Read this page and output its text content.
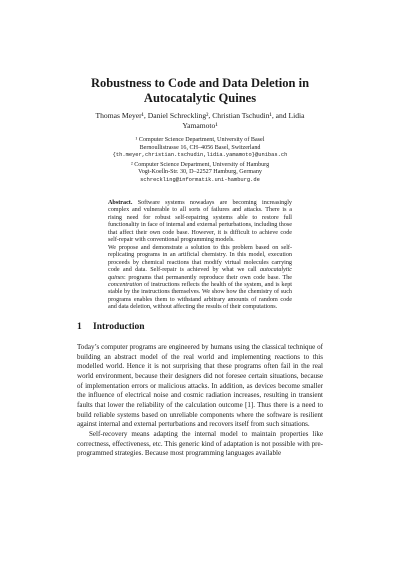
Robustness to Code and Data Deletion in Autocatalytic Quines
Thomas Meyer¹, Daniel Schreckling², Christian Tschudin¹, and Lidia Yamamoto¹
¹ Computer Science Department, University of Basel
Bernoullistrasse 16, CH–4056 Basel, Switzerland
{th.meyer,christian.tschudin,lidia.yamamoto}@unibas.ch
² Computer Science Department, University of Hamburg
Vogt-Koelln-Str. 30, D–22527 Hamburg, Germany
schreckling@informatik.uni-hamburg.de

Abstract. Software systems nowadays are becoming increasingly complex and vulnerable to all sorts of failures and attacks. There is a rising need for robust self-repairing systems able to restore full functionality in face of internal and external perturbations, including those that affect their own code base. However, it is difficult to achieve code self-repair with conventional programming models.

We propose and demonstrate a solution to this problem based on self-replicating programs in an artificial chemistry. In this model, execution proceeds by chemical reactions that modify virtual molecules carrying code and data. Self-repair is achieved by what we call autocatalytic quines: programs that permanently reproduce their own code base. The concentration of instructions reflects the health of the system, and is kept stable by the instructions themselves. We show how the chemistry of such programs enables them to withstand arbitrary amounts of random code and data deletion, without affecting the results of their computations.

1 Introduction

Today’s computer programs are engineered by humans using the classical technique of building an abstract model of the real world and implementing reactions to this modelled world. Hence it is not surprising that these programs often fail in the real world environment, because their designers did not foresee certain situations, because of implementation errors or malicious attacks. In addition, as devices become smaller the influence of electrical noise and cosmic radiation increases, resulting in transient faults that lower the reliability of the calculation outcome [1]. Thus there is a need to build reliable systems based on unreliable components where the software is resilient against internal and external perturbations and recovers itself from such situations.

Self-recovery means adapting the internal model to maintain properties like correctness, effectiveness, etc. This generic kind of adaptation is not possible with pre-programmed strategies. Because most programming languages available
